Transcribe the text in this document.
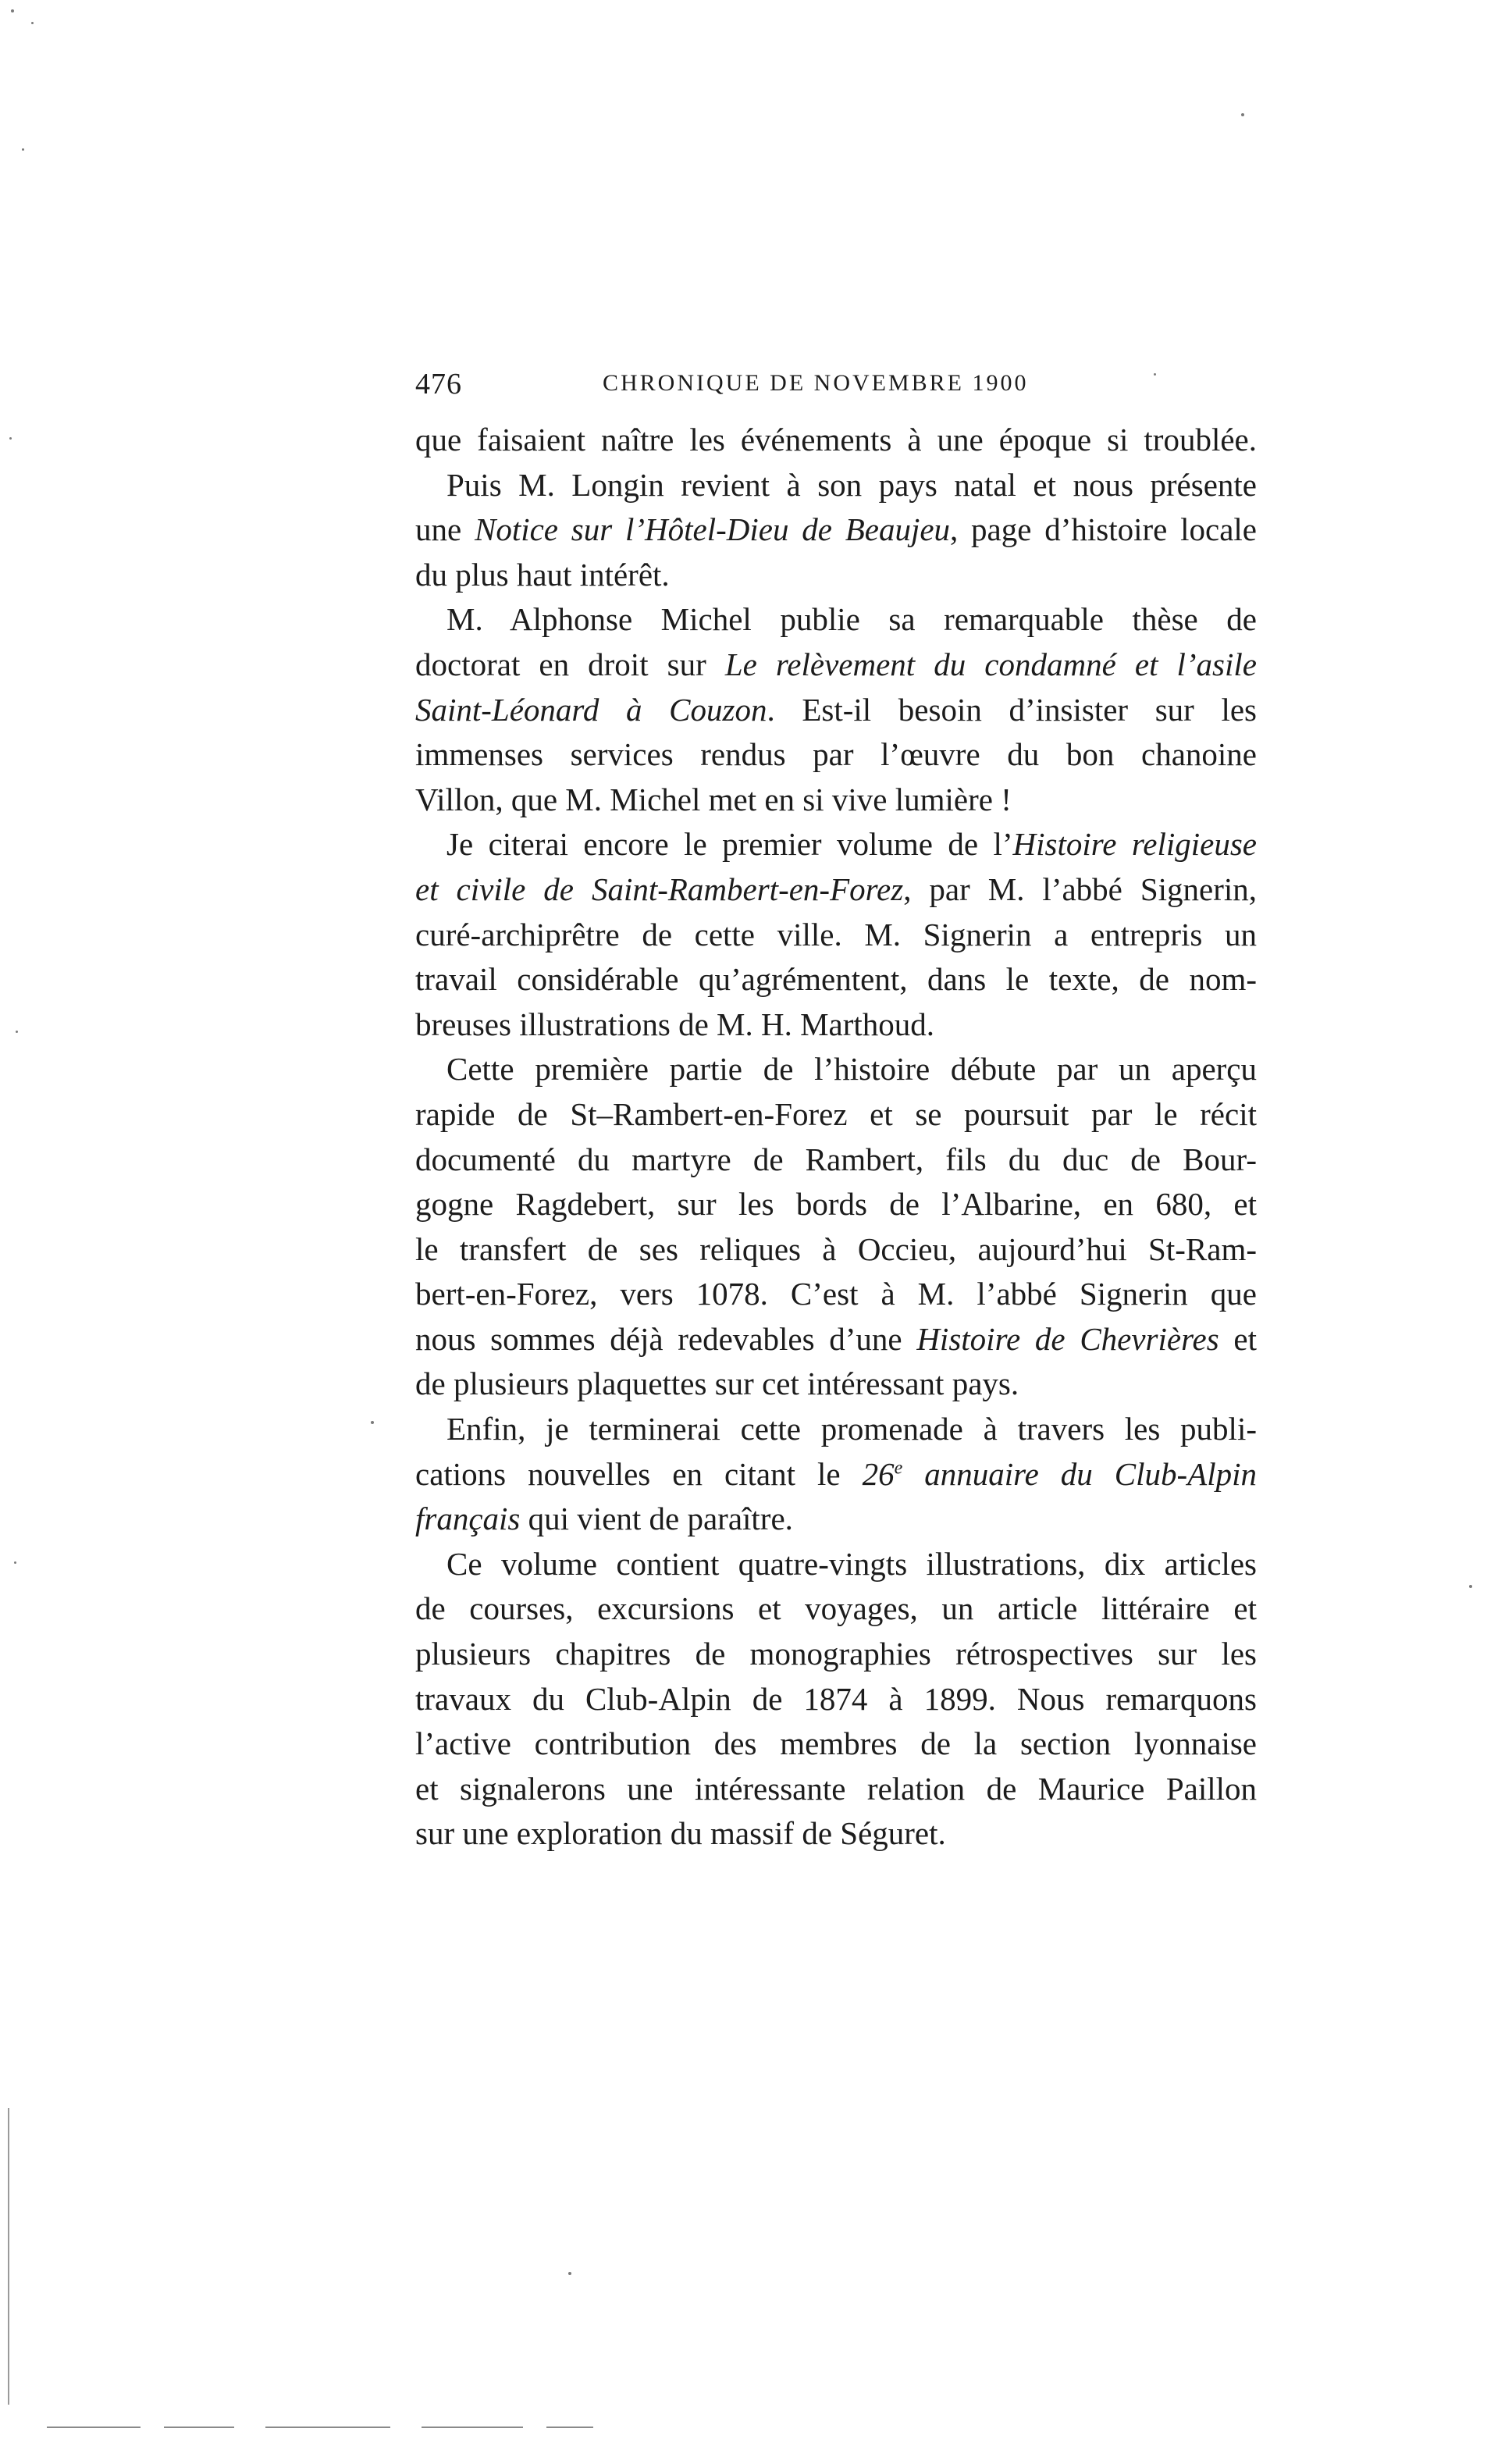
476	CHRONIQUE DE NOVEMBRE 1900
que faisaient naître les événements à une époque si troublée.
Puis M. Longin revient à son pays natal et nous présente
une Notice sur l’Hôtel-Dieu de Beaujeu, page d’histoire locale
du plus haut intérêt.
M. Alphonse Michel publie sa remarquable thèse de
doctorat en droit sur Le relèvement du condamné et l’asile
Saint-Léonard à Couzon. Est-il besoin d’insister sur les
immenses services rendus par l’œuvre du bon chanoine
Villon, que M. Michel met en si vive lumière !
Je citerai encore le premier volume de l’Histoire religieuse
et civile de Saint-Rambert-en-Forez, par M. l’abbé Signerin,
curé-archiprêtre de cette ville. M. Signerin a entrepris un
travail considérable qu’agrémentent, dans le texte, de nom-
breuses illustrations de M. H. Marthoud.
Cette première partie de l’histoire débute par un aperçu
rapide de St–Rambert-en-Forez et se poursuit par le récit
documenté du martyre de Rambert, fils du duc de Bour-
gogne Ragdebert, sur les bords de l’Albarine, en 680, et
le transfert de ses reliques à Occieu, aujourd’hui St-Ram-
bert-en-Forez, vers 1078. C’est à M. l’abbé Signerin que
nous sommes déjà redevables d’une Histoire de Chevrières et
de plusieurs plaquettes sur cet intéressant pays.
Enfin, je terminerai cette promenade à travers les publi-
cations nouvelles en citant le 26e annuaire du Club-Alpin
français qui vient de paraître.
Ce volume contient quatre-vingts illustrations, dix articles
de courses, excursions et voyages, un article littéraire et
plusieurs chapitres de monographies rétrospectives sur les
travaux du Club-Alpin de 1874 à 1899. Nous remarquons
l’active contribution des membres de la section lyonnaise
et signalerons une intéressante relation de Maurice Paillon
sur une exploration du massif de Séguret.
